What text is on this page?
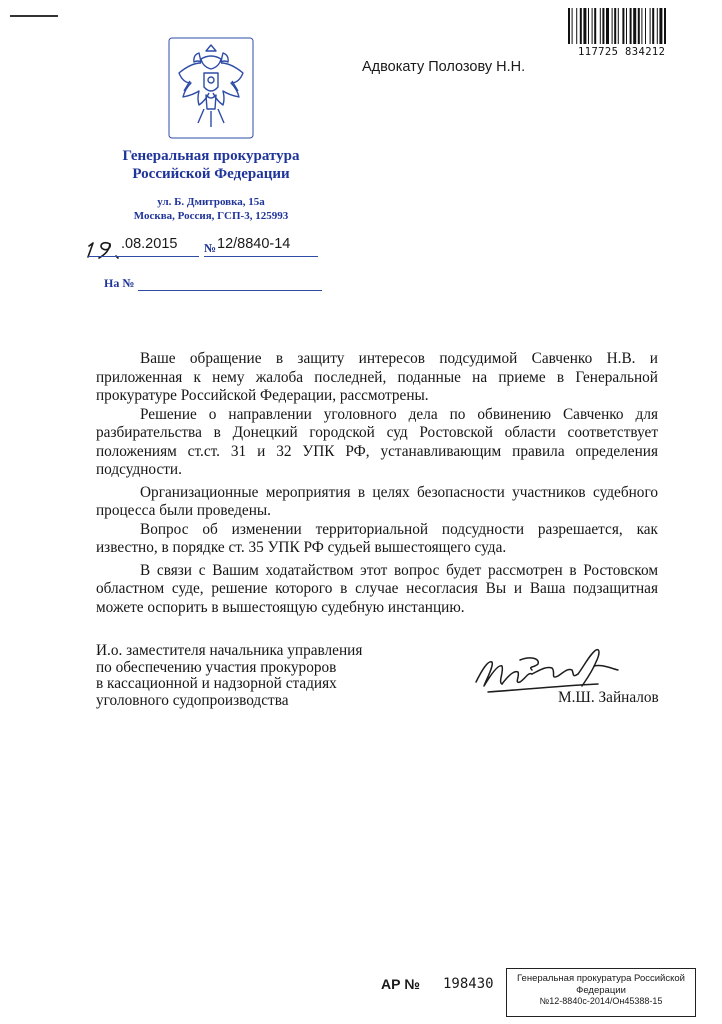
117725 834212
Генеральная прокуратура
Российской Федерации
ул. Б. Дмитровка, 15а
Москва, Россия, ГСП-3, 125993
Адвокату Полозову Н.Н.
19
.08.2015 № 12/8840-14
На №

Ваше обращение в защиту интересов подсудимой Савченко Н.В. и приложенная к нему жалоба последней, поданные на приеме в Генеральной прокуратуре Российской Федерации, рассмотрены.

Решение о направлении уголовного дела по обвинению Савченко для разбирательства в Донецкий городской суд Ростовской области соответствует положениям ст.ст. 31 и 32 УПК РФ, устанавливающим правила определения подсудности.

Организационные мероприятия в целях безопасности участников судебного процесса были проведены.

Вопрос об изменении территориальной подсудности разрешается, как известно, в порядке ст. 35 УПК РФ судьей вышестоящего суда.

В связи с Вашим ходатайством этот вопрос будет рассмотрен в Ростовском областном суде, решение которого в случае несогласия Вы и Ваша подзащитная можете оспорить в вышестоящую судебную инстанцию.

И.о. заместителя начальника управления
по обеспечению участия прокуроров
в кассационной и надзорной стадиях
уголовного судопроизводства	М.Ш. Зайналов
АР № 198430	Генеральная прокуратура Российской
Федерации
№12-8840с-2014/Он45388-15
